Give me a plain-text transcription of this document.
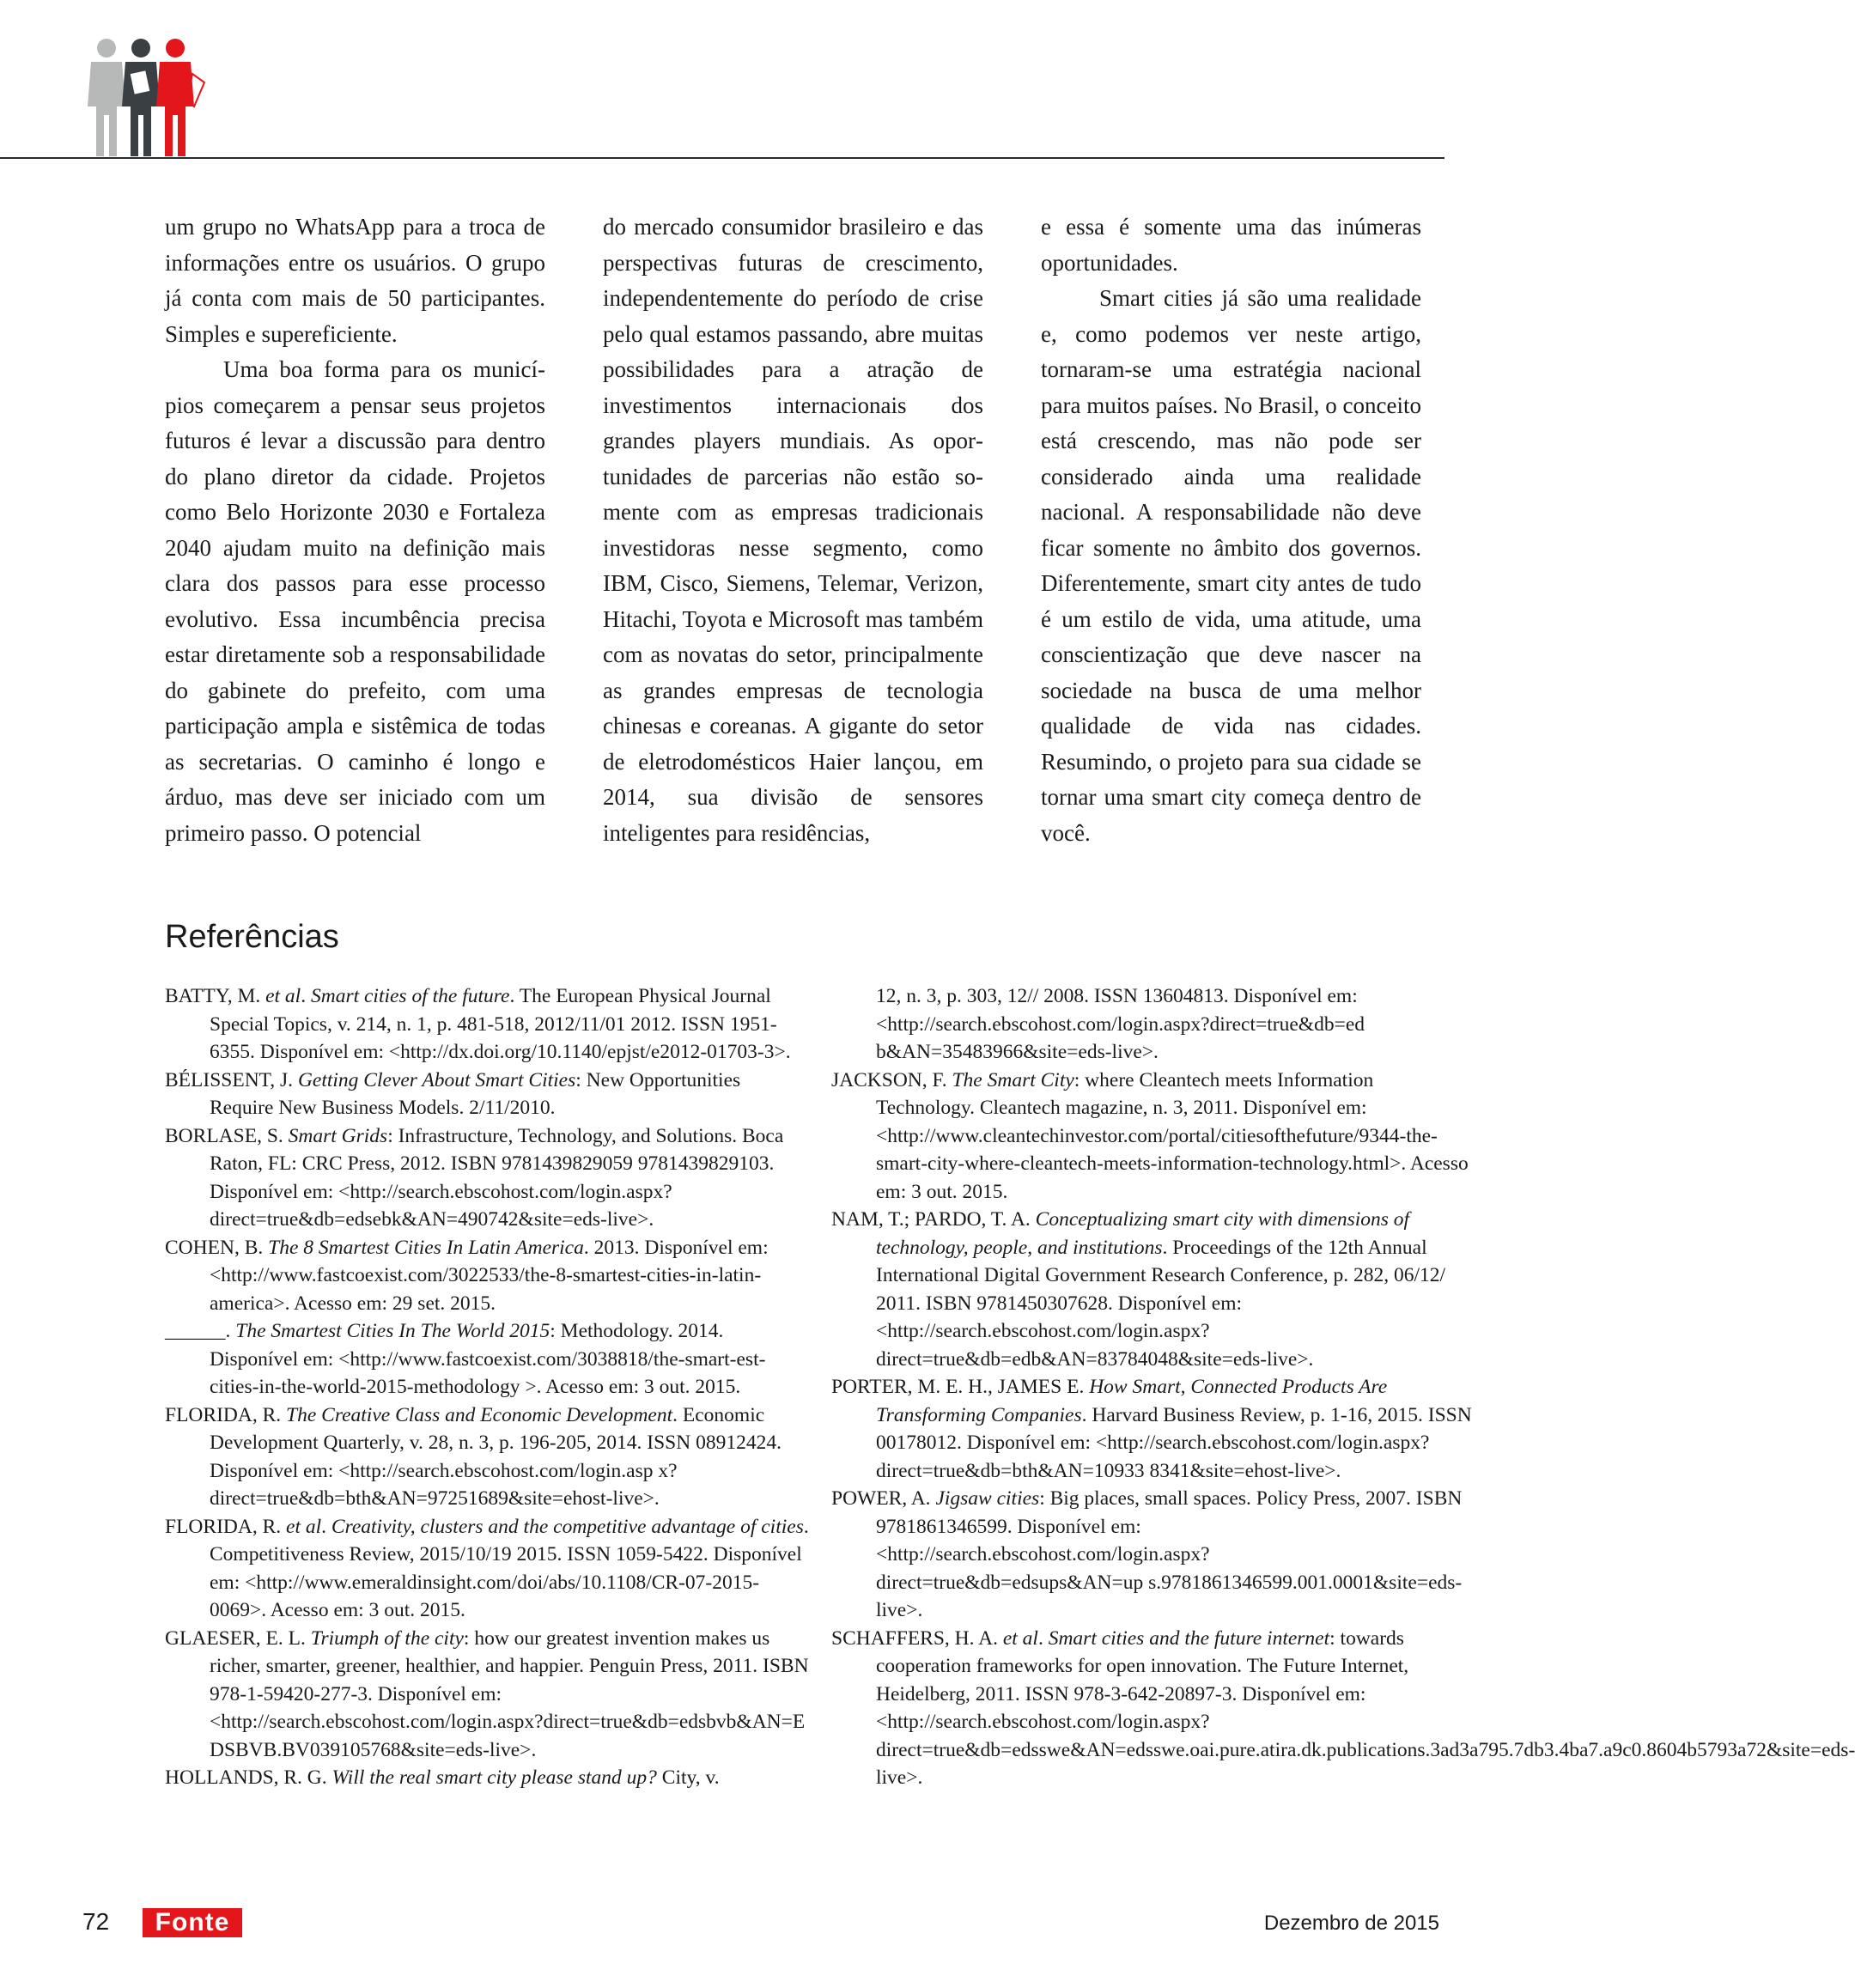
um grupo no WhatsApp para a troca de informações entre os usuários. O grupo já conta com mais de 50 participantes. Simples e supereficiente.

Uma boa forma para os municípios começarem a pensar seus projetos futuros é levar a discussão para dentro do plano diretor da cidade. Projetos como Belo Horizonte 2030 e Fortaleza 2040 ajudam muito na definição mais clara dos passos para esse processo evolutivo. Essa incumbência precisa estar diretamente sob a responsabilidade do gabinete do prefeito, com uma participação ampla e sistêmica de todas as secretarias. O caminho é longo e árduo, mas deve ser iniciado com um primeiro passo. O potencial

do mercado consumidor brasileiro e das perspectivas futuras de crescimento, independentemente do período de crise pelo qual estamos passando, abre muitas possibilidades para a atração de investimentos internacionais dos grandes players mundiais. As oportunidades de parcerias não estão somente com as empresas tradicionais investidoras nesse segmento, como IBM, Cisco, Siemens, Telemar, Verizon, Hitachi, Toyota e Microsoft mas também com as novatas do setor, principalmente as grandes empresas de tecnologia chinesas e coreanas. A gigante do setor de eletrodomésticos Haier lançou, em 2014, sua divisão de sensores inteligentes para residências,

e essa é somente uma das inúmeras oportunidades.

Smart cities já são uma realidade e, como podemos ver neste artigo, tornaram-se uma estratégia nacional para muitos países. No Brasil, o conceito está crescendo, mas não pode ser considerado ainda uma realidade nacional. A responsabilidade não deve ficar somente no âmbito dos governos. Diferentemente, smart city antes de tudo é um estilo de vida, uma atitude, uma conscientização que deve nascer na sociedade na busca de uma melhor qualidade de vida nas cidades. Resumindo, o projeto para sua cidade se tornar uma smart city começa dentro de você.

Referências

BATTY, M. et al. Smart cities of the future. The European Physical Journal Special Topics, v. 214, n. 1, p. 481-518, 2012/11/01 2012. ISSN 1951-6355. Disponível em: <http://dx.doi.org/10.1140/epjst/e2012-01703-3>.

BÉLISSENT, J. Getting Clever About Smart Cities: New Opportunities Require New Business Models. 2/11/2010.

BORLASE, S. Smart Grids: Infrastructure, Technology, and Solutions. Boca Raton, FL: CRC Press, 2012. ISBN 9781439829059 9781439829103. Disponível em: <http://search.ebscohost.com/login.aspx?direct=true&db=edsebk&AN=490742&site=eds-live>.

COHEN, B. The 8 Smartest Cities In Latin America. 2013. Disponível em: <http://www.fastcoexist.com/3022533/the-8-smartest-cities-in-latin-america>. Acesso em: 29 set. 2015.

______. The Smartest Cities In The World 2015: Methodology. 2014. Disponível em: <http://www.fastcoexist.com/3038818/the-smart-est-cities-in-the-world-2015-methodology >. Acesso em: 3 out. 2015.

FLORIDA, R. The Creative Class and Economic Development. Economic Development Quarterly, v. 28, n. 3, p. 196-205, 2014. ISSN 08912424. Disponível em: <http://search.ebscohost.com/login.asp x?direct=true&db=bth&AN=97251689&site=ehost-live>.

FLORIDA, R. et al. Creativity, clusters and the competitive advantage of cities. Competitiveness Review, 2015/10/19 2015. ISSN 1059-5422. Disponível em: <http://www.emeraldinsight.com/doi/abs/10.1108/CR-07-2015-0069>. Acesso em: 3 out. 2015.

GLAESER, E. L. Triumph of the city: how our greatest invention makes us richer, smarter, greener, healthier, and happier. Penguin Press, 2011. ISBN 978-1-59420-277-3. Disponível em: <http://search.ebscohost.com/login.aspx?direct=true&db=edsbvb&AN=E DSBVB.BV039105768&site=eds-live>.

HOLLANDS, R. G. Will the real smart city please stand up? City, v.

12, n. 3, p. 303, 12// 2008. ISSN 13604813. Disponível em: <http://search.ebscohost.com/login.aspx?direct=true&db=ed b&AN=35483966&site=eds-live>.

JACKSON, F. The Smart City: where Cleantech meets Information Technology. Cleantech magazine, n. 3, 2011. Disponível em: <http://www.cleantechinvestor.com/portal/citiesofthefuture/9344-the-smart-city-where-cleantech-meets-information-technology.html>. Acesso em: 3 out. 2015.

NAM, T.; PARDO, T. A. Conceptualizing smart city with dimensions of technology, people, and institutions. Proceedings of the 12th Annual International Digital Government Research Conference, p. 282, 06/12/ 2011. ISBN 9781450307628. Disponível em: <http://search.ebscohost.com/login.aspx?direct=true&db=edb&AN=83784048&site=eds-live>.

PORTER, M. E. H., JAMES E. How Smart, Connected Products Are Transforming Companies. Harvard Business Review, p. 1-16, 2015. ISSN 00178012. Disponível em: <http://search.ebscohost.com/login.aspx?direct=true&db=bth&AN=10933 8341&site=ehost-live>.

POWER, A. Jigsaw cities: Big places, small spaces. Policy Press, 2007. ISBN 9781861346599. Disponível em: <http://search.ebscohost.com/login.aspx?direct=true&db=edsups&AN=up s.9781861346599.001.0001&site=eds-live>.

SCHAFFERS, H. A. et al. Smart cities and the future internet: towards cooperation frameworks for open innovation. The Future Internet, Heidelberg, 2011. ISSN 978-3-642-20897-3. Disponível em: <http://search.ebscohost.com/login.aspx?direct=true&db=edsswe&AN=edsswe.oai.pure.atira.dk.publications.3ad3a795.7db3.4ba7.a9c0.8604b5793a72&site=eds-live>.

72	Fonte	Dezembro de 2015
